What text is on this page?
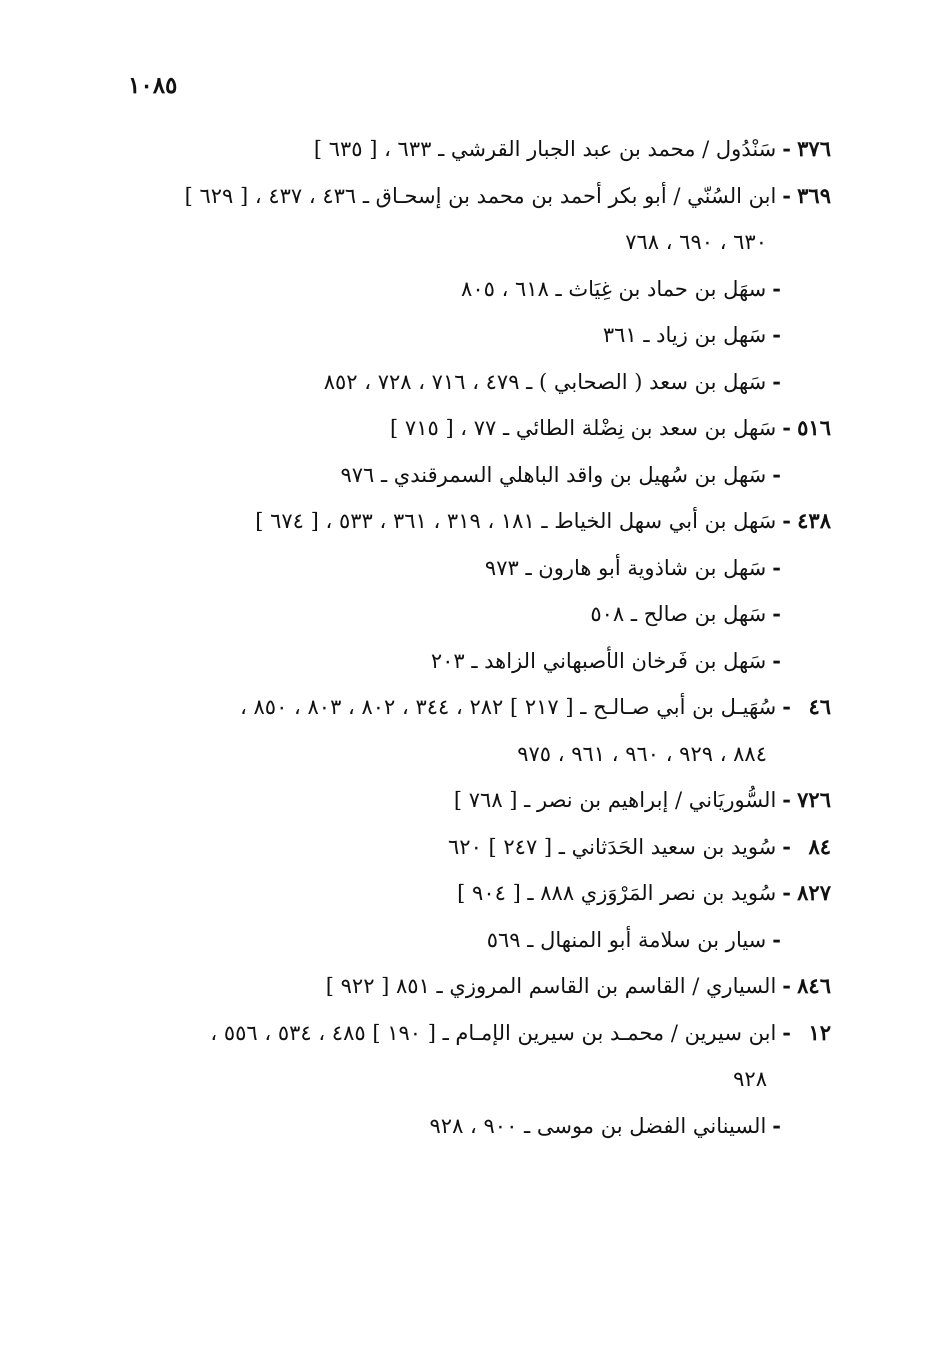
١٠٨٥
٣٧٦-سَنْدُول / محمد بن عبد الجبار القرشي ـ ٦٣٣ ، [ ٦٣٥ ]
٣٦٩-ابن السُنّي / أبو بكر أحمد بن محمد بن إسحـاق ـ ٤٣٦ ، ٤٣٧ ، [ ٦٢٩ ]
٦٣٠ ، ٦٩٠ ، ٧٦٨
-سهَل بن حماد بن غِيَاث ـ ٦١٨ ، ٨٠٥
-سَهل بن زياد ـ ٣٦١
-سَهل بن سعد ( الصحابي ) ـ ٤٧٩ ، ٧١٦ ، ٧٢٨ ، ٨٥٢
٥١٦-سَهل بن سعد بن نِضْلة الطائي ـ ٧٧ ، [ ٧١٥ ]
-سَهل بن سُهيل بن واقد الباهلي السمرقندي ـ ٩٧٦
٤٣٨-سَهل بن أبي سهل الخياط ـ ١٨١ ، ٣١٩ ، ٣٦١ ، ٥٣٣ ، [ ٦٧٤ ]
-سَهل بن شاذوية أبو هارون ـ ٩٧٣
-سَهل بن صالح ـ ٥٠٨
-سَهل بن فَرخان الأصبهاني الزاهد ـ ٢٠٣
٤٦-سُهَيـل بن أبي صـالـح ـ [ ٢١٧ ] ٢٨٢ ، ٣٤٤ ، ٨٠٢ ، ٨٠٣ ، ٨٥٠ ،
٨٨٤ ، ٩٢٩ ، ٩٦٠ ، ٩٦١ ، ٩٧٥
٧٢٦-السُّوريَاني / إبراهيم بن نصر ـ [ ٧٦٨ ]
٨٤-سُويد بن سعيد الحَدَثاني ـ [ ٢٤٧ ] ٦٢٠
٨٢٧-سُويد بن نصر المَرْوَزي ٨٨٨ ـ [ ٩٠٤ ]
-سيار بن سلامة أبو المنهال ـ ٥٦٩
٨٤٦-السياري / القاسم بن القاسم المروزي ـ ٨٥١ [ ٩٢٢ ]
١٢-ابن سيرين / محمـد بن سيرين الإمـام ـ [ ١٩٠ ] ٤٨٥ ، ٥٣٤ ، ٥٥٦ ،
٩٢٨
-السيناني الفضل بن موسى ـ ٩٠٠ ، ٩٢٨
